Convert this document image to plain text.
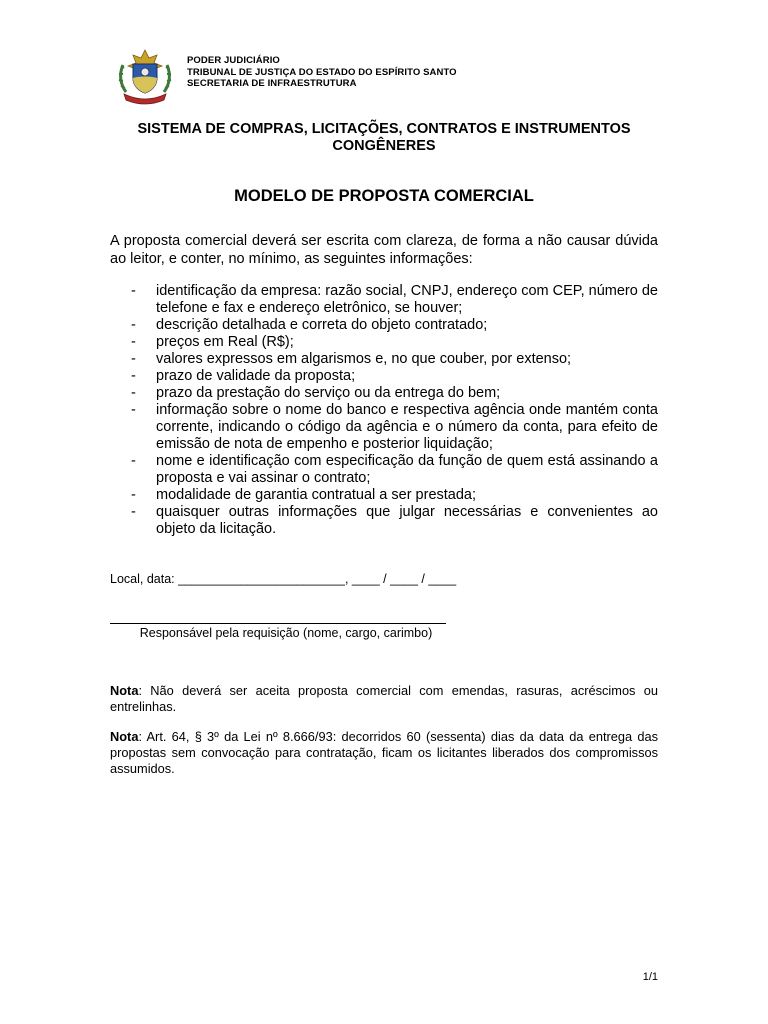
PODER JUDICIÁRIO
TRIBUNAL DE JUSTIÇA DO ESTADO DO ESPÍRITO SANTO
SECRETARIA DE INFRAESTRUTURA
SISTEMA DE COMPRAS, LICITAÇÕES, CONTRATOS E INSTRUMENTOS CONGÊNERES
MODELO DE PROPOSTA COMERCIAL
A proposta comercial deverá ser escrita com clareza, de forma a não causar dúvida ao leitor, e conter, no mínimo, as seguintes informações:
- identificação da empresa: razão social, CNPJ, endereço com CEP, número de telefone e fax e endereço eletrônico, se houver;
- descrição detalhada e correta do objeto contratado;
- preços em Real (R$);
- valores expressos em algarismos e, no que couber, por extenso;
- prazo de validade da proposta;
- prazo da prestação do serviço ou da entrega do bem;
- informação sobre o nome do banco e respectiva agência onde mantém conta corrente, indicando o código da agência e o número da conta, para efeito de emissão de nota de empenho e posterior liquidação;
- nome e identificação com especificação da função de quem está assinando a proposta e vai assinar o contrato;
- modalidade de garantia contratual a ser prestada;
- quaisquer outras informações que julgar necessárias e convenientes ao objeto da licitação.
Local, data: ________________________, ____ / ____ / ____
Responsável pela requisição (nome, cargo, carimbo)
Nota: Não deverá ser aceita proposta comercial com emendas, rasuras, acréscimos ou entrelinhas.
Nota: Art. 64, § 3º da Lei nº 8.666/93: decorridos 60 (sessenta) dias da data da entrega das propostas sem convocação para contratação, ficam os licitantes liberados dos compromissos assumidos.
1/1
